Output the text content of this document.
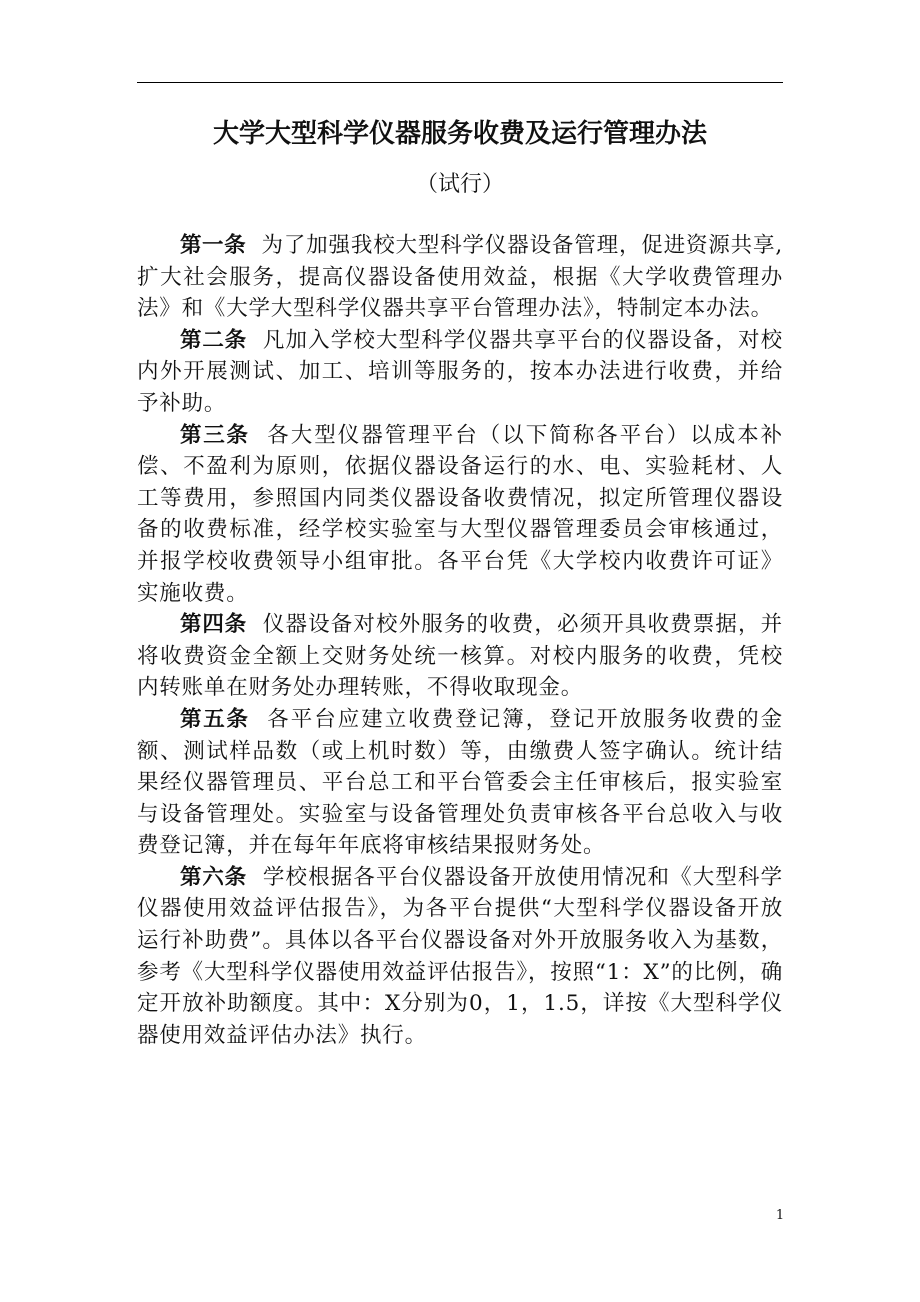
大学大型科学仪器服务收费及运行管理办法
（试行）

第一条 为了加强我校大型科学仪器设备管理，促进资源共享,扩大社会服务，提高仪器设备使用效益，根据《大学收费管理办法》和《大学大型科学仪器共享平台管理办法》，特制定本办法。

第二条 凡加入学校大型科学仪器共享平台的仪器设备，对校内外开展测试、加工、培训等服务的，按本办法进行收费，并给予补助。

第三条 各大型仪器管理平台（以下简称各平台）以成本补偿、不盈利为原则，依据仪器设备运行的水、电、实验耗材、人工等费用，参照国内同类仪器设备收费情况，拟定所管理仪器设备的收费标准，经学校实验室与大型仪器管理委员会审核通过，并报学校收费领导小组审批。各平台凭《大学校内收费许可证》实施收费。

第四条 仪器设备对校外服务的收费，必须开具收费票据，并将收费资金全额上交财务处统一核算。对校内服务的收费，凭校内转账单在财务处办理转账，不得收取现金。

第五条 各平台应建立收费登记簿，登记开放服务收费的金额、测试样品数（或上机时数）等，由缴费人签字确认。统计结果经仪器管理员、平台总工和平台管委会主任审核后，报实验室与设备管理处。实验室与设备管理处负责审核各平台总收入与收费登记簿，并在每年年底将审核结果报财务处。

第六条 学校根据各平台仪器设备开放使用情况和《大型科学仪器使用效益评估报告》，为各平台提供“大型科学仪器设备开放运行补助费”。具体以各平台仪器设备对外开放服务收入为基数，参考《大型科学仪器使用效益评估报告》，按照“1：X”的比例，确定开放补助额度。其中：X分别为0，1，1.5，详按《大型科学仪器使用效益评估办法》执行。

1
